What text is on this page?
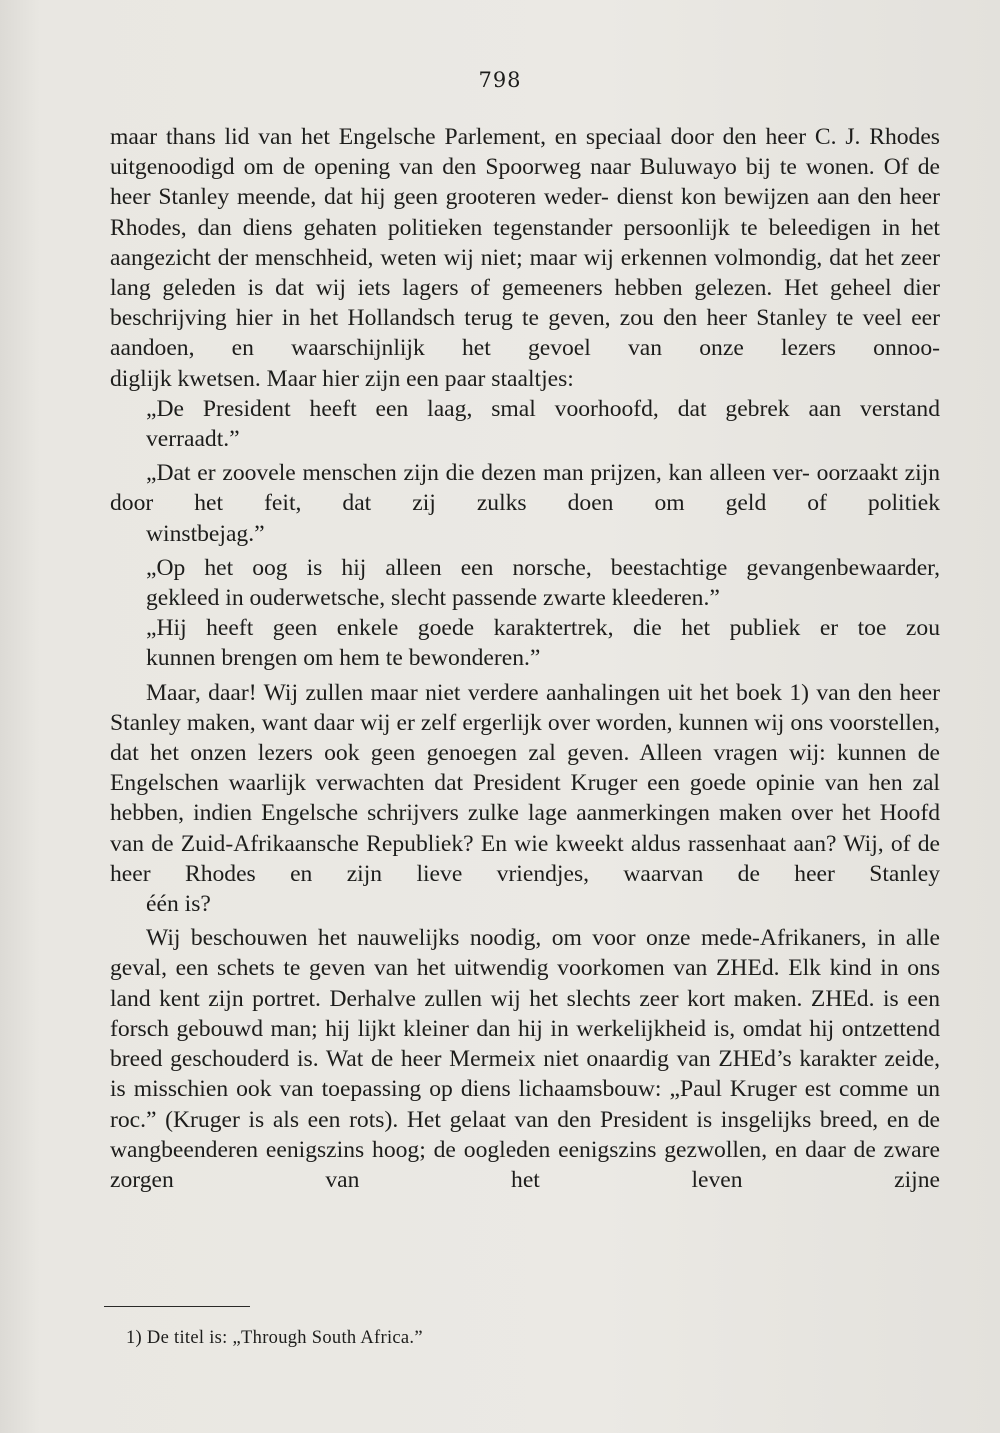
798

maar thans lid van het Engelsche Parlement, en speciaal door den heer C. J. Rhodes uitgenoodigd om de opening van den Spoorweg naar Buluwayo bij te wonen. Of de heer Stanley meende, dat hij geen grooteren weder- dienst kon bewijzen aan den heer Rhodes, dan diens gehaten politieken tegenstander persoonlijk te beleedigen in het aangezicht der menschheid, weten wij niet; maar wij erkennen volmondig, dat het zeer lang geleden is dat wij iets lagers of gemeeners hebben gelezen. Het geheel dier beschrijving hier in het Hollandsch terug te geven, zou den heer Stanley te veel eer aandoen, en waarschijnlijk het gevoel van onze lezers onnoo-
diglijk kwetsen. Maar hier zijn een paar staaltjes:

„De President heeft een laag, smal voorhoofd, dat gebrek aan verstand
verraadt.”

„Dat er zoovele menschen zijn die dezen man prijzen, kan alleen ver- oorzaakt zijn door het feit, dat zij zulks doen om geld of politiek
winstbejag.”

„Op het oog is hij alleen een norsche, beestachtige gevangenbewaarder,
gekleed in ouderwetsche, slecht passende zwarte kleederen.”

„Hij heeft geen enkele goede karaktertrek, die het publiek er toe zou
kunnen brengen om hem te bewonderen.”

Maar, daar! Wij zullen maar niet verdere aanhalingen uit het boek 1) van den heer Stanley maken, want daar wij er zelf ergerlijk over worden, kunnen wij ons voorstellen, dat het onzen lezers ook geen genoegen zal geven. Alleen vragen wij: kunnen de Engelschen waarlijk verwachten dat President Kruger een goede opinie van hen zal hebben, indien Engelsche schrijvers zulke lage aanmerkingen maken over het Hoofd van de Zuid-Afrikaansche Republiek? En wie kweekt aldus rassenhaat aan? Wij, of de heer Rhodes en zijn lieve vriendjes, waarvan de heer Stanley
één is?

Wij beschouwen het nauwelijks noodig, om voor onze mede-Afrikaners, in alle geval, een schets te geven van het uitwendig voorkomen van ZHEd. Elk kind in ons land kent zijn portret. Derhalve zullen wij het slechts zeer kort maken. ZHEd. is een forsch gebouwd man; hij lijkt kleiner dan hij in werkelijkheid is, omdat hij ontzettend breed geschouderd is. Wat de heer Mermeix niet onaardig van ZHEd’s karakter zeide, is misschien ook van toepassing op diens lichaamsbouw: „Paul Kruger est comme un roc.” (Kruger is als een rots). Het gelaat van den President is insgelijks breed, en de wangbeenderen eenigszins hoog; de oogleden eenigszins gezwollen, en daar de zware zorgen van het leven zijne

1) De titel is: „Through South Africa.”
